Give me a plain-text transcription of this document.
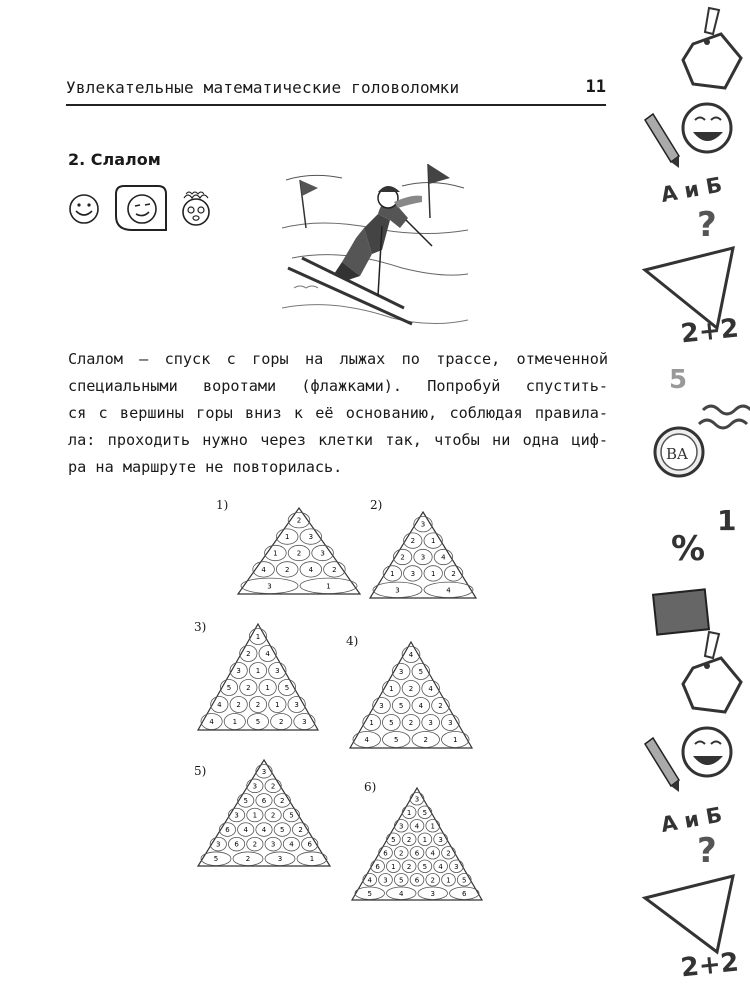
Увлекательные математические головоломки	11
2. Слалом
Слалом — спуск с горы на лыжах по трассе, отмеченной
специальными воротами (флажками). Попробуй спустить-
ся с вершины горы вниз к её основанию, соблюдая правила-
ла: проходить нужно через клетки так, чтобы ни одна циф-
ра на маршруте не повторилась.
1)
2
1	3
1	2	3
4	2	4	2
3	1
2)
3
2 1
2 3 4
1 3 1 2
3	4
3)
1
2 4
3 1 3
5 2 1 5
4 2 2 1 3
4	1	5	2	3
4)
4
3 5
1 2 4
3 5 4 2
1 5 2 3 3
4	5	2	1
5)	3
3 2
5 6 2
3 1 2 5
6 4 4 5 2
3 6 2 3 4 6
5	2	3	1
6)
3
1 5
3 4 1
5 2 1 3
6 2 6 4 2
6 1 2 5 4 3
4 3 5 6 2 1 5
5	4	3	6
А и Б
?
2+2
5
BA
%
1
А и Б
?
2+2
